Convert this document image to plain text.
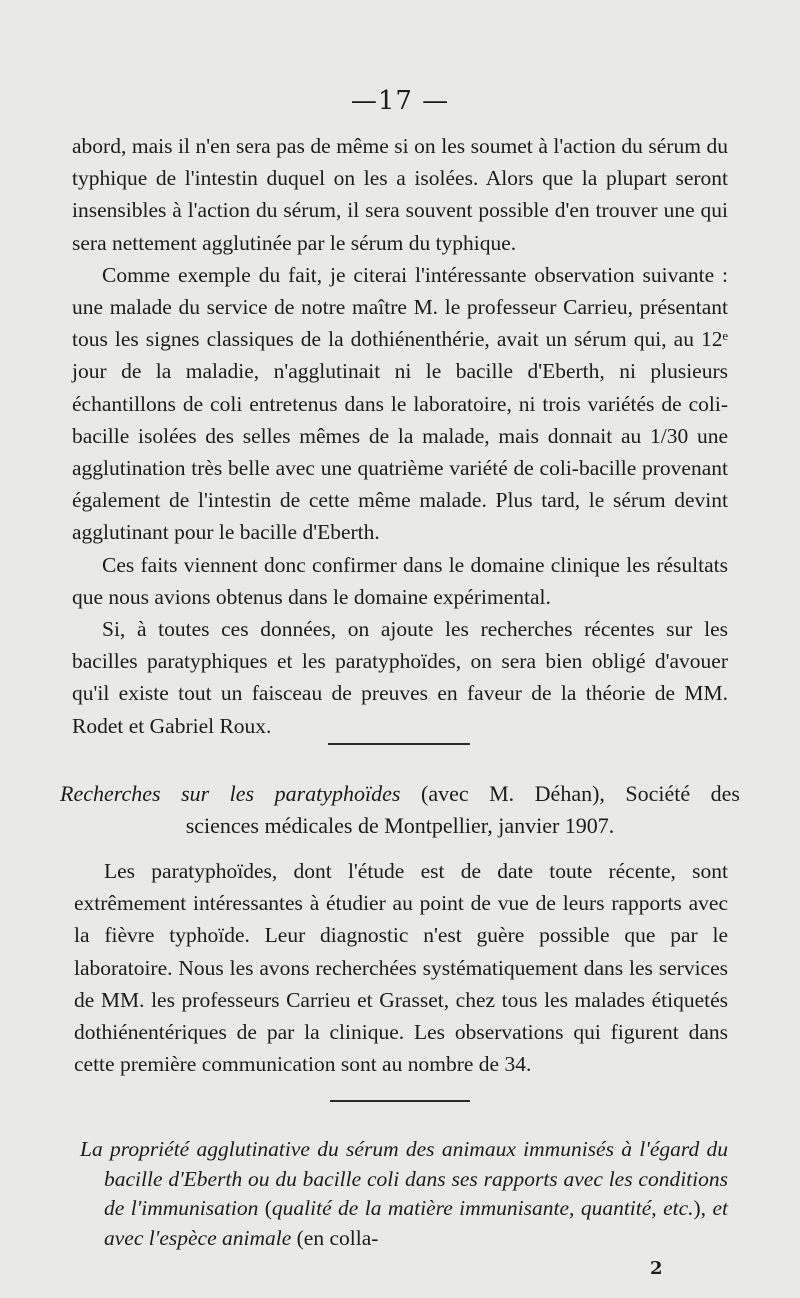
—17 —

abord, mais il n'en sera pas de même si on les soumet à l'action du sérum du typhique de l'intestin duquel on les a isolées. Alors que la plupart seront insensibles à l'action du sérum, il sera souvent possible d'en trouver une qui sera nettement agglutinée par le sérum du typhique.

Comme exemple du fait, je citerai l'intéressante observation suivante : une malade du service de notre maître M. le professeur Carrieu, présentant tous les signes classiques de la dothiénenthérie, avait un sérum qui, au 12ᵉ jour de la maladie, n'agglutinait ni le bacille d'Eberth, ni plusieurs échantillons de coli entretenus dans le laboratoire, ni trois variétés de coli-bacille isolées des selles mêmes de la malade, mais donnait au 1/30 une agglutination très belle avec une quatrième variété de coli-bacille provenant également de l'intestin de cette même malade. Plus tard, le sérum devint agglutinant pour le bacille d'Eberth.

Ces faits viennent donc confirmer dans le domaine clinique les résultats que nous avions obtenus dans le domaine expérimental.

Si, à toutes ces données, on ajoute les recherches récentes sur les bacilles paratyphiques et les paratyphoïdes, on sera bien obligé d'avouer qu'il existe tout un faisceau de preuves en faveur de la théorie de MM. Rodet et Gabriel Roux.

Recherches sur les paratyphoïdes (avec M. Déhan), Société des
sciences médicales de Montpellier, janvier 1907.

Les paratyphoïdes, dont l'étude est de date toute récente, sont extrêmement intéressantes à étudier au point de vue de leurs rapports avec la fièvre typhoïde. Leur diagnostic n'est guère possible que par le laboratoire. Nous les avons recherchées systématiquement dans les services de MM. les professeurs Carrieu et Grasset, chez tous les malades étiquetés dothiénentériques de par la clinique. Les observations qui figurent dans cette première communication sont au nombre de 34.

La propriété agglutinative du sérum des animaux immunisés à l'égard du bacille d'Eberth ou du bacille coli dans ses rapports avec les conditions de l'immunisation (qualité de la matière immunisante, quantité, etc.), et avec l'espèce animale (en colla-

2
